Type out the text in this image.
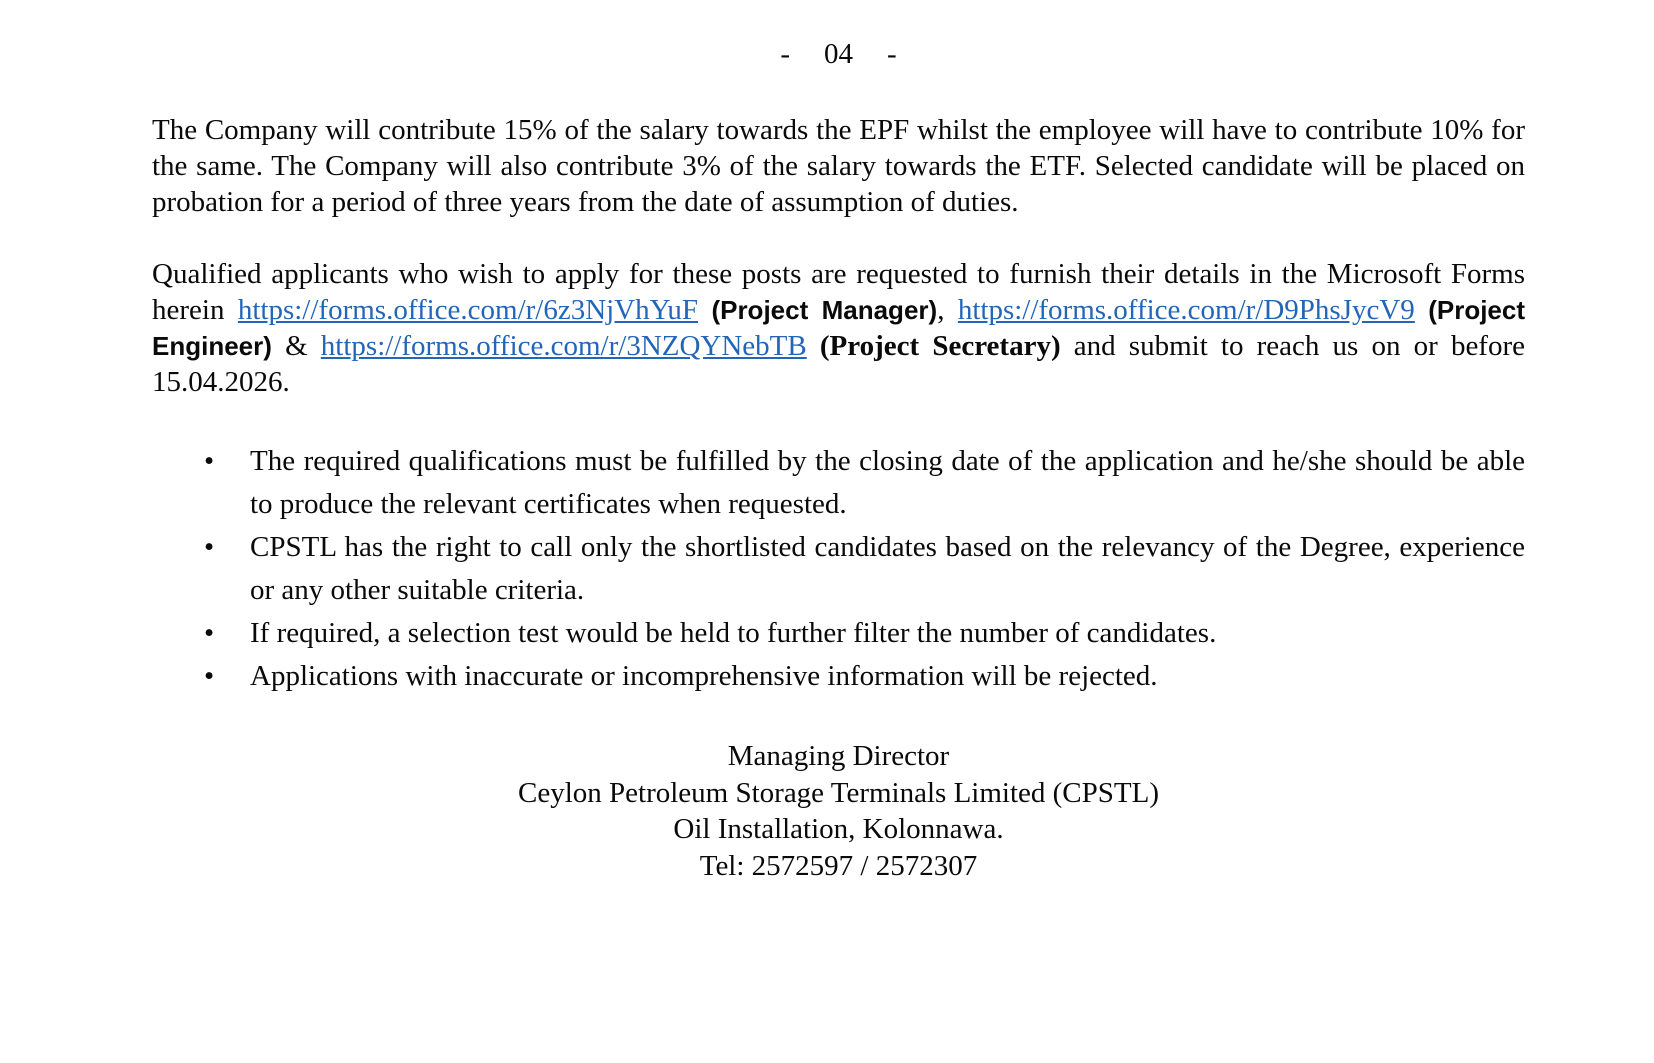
- 04 -

The Company will contribute 15% of the salary towards the EPF whilst the employee will have to contribute 10% for the same. The Company will also contribute 3% of the salary towards the ETF. Selected candidate will be placed on probation for a period of three years from the date of assumption of duties.

Qualified applicants who wish to apply for these posts are requested to furnish their details in the Microsoft Forms herein https://forms.office.com/r/6z3NjVhYuF (Project Manager), https://forms.office.com/r/D9PhsJycV9 (Project Engineer) & https://forms.office.com/r/3NZQYNebTB (Project Secretary) and submit to reach us on or before 15.04.2026.

• The required qualifications must be fulfilled by the closing date of the application and he/she should be able to produce the relevant certificates when requested.
• CPSTL has the right to call only the shortlisted candidates based on the relevancy of the Degree, experience or any other suitable criteria.
• If required, a selection test would be held to further filter the number of candidates.
• Applications with inaccurate or incomprehensive information will be rejected.
Managing Director
Ceylon Petroleum Storage Terminals Limited (CPSTL)
Oil Installation, Kolonnawa.
Tel: 2572597 / 2572307
